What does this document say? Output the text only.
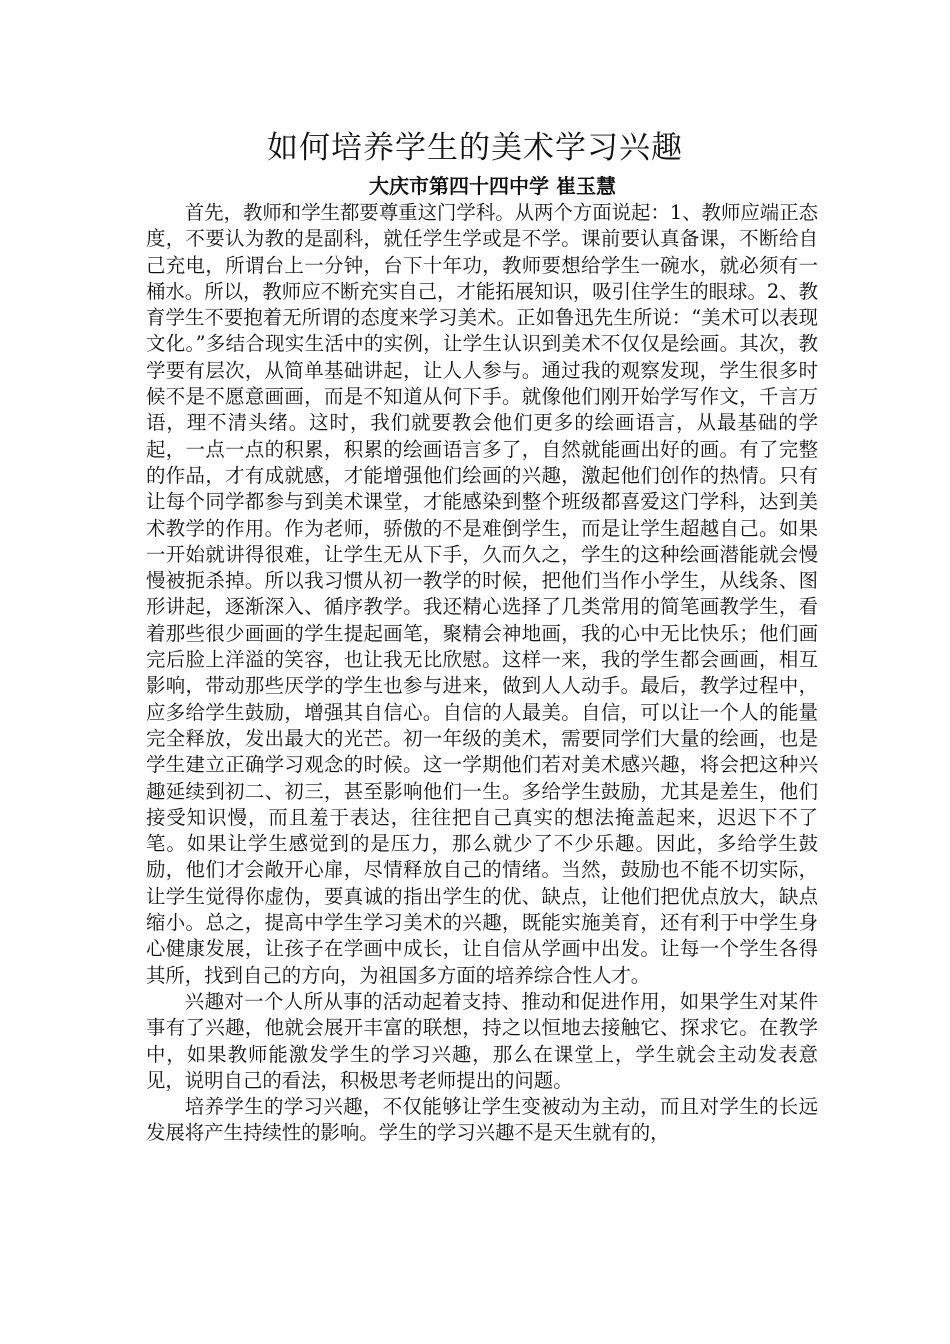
如何培养学生的美术学习兴趣
大庆市第四十四中学 崔玉慧

首先，教师和学生都要尊重这门学科。从两个方面说起：1、教师应端正态度，不要认为教的是副科，就任学生学或是不学。课前要认真备课，不断给自己充电，所谓台上一分钟，台下十年功，教师要想给学生一碗水，就必须有一桶水。所以，教师应不断充实自己，才能拓展知识，吸引住学生的眼球。2、教育学生不要抱着无所谓的态度来学习美术。正如鲁迅先生所说：“美术可以表现文化。”多结合现实生活中的实例，让学生认识到美术不仅仅是绘画。其次，教学要有层次，从简单基础讲起，让人人参与。通过我的观察发现，学生很多时候不是不愿意画画，而是不知道从何下手。就像他们刚开始学写作文，千言万语，理不清头绪。这时，我们就要教会他们更多的绘画语言，从最基础的学起，一点一点的积累，积累的绘画语言多了，自然就能画出好的画。有了完整的作品，才有成就感，才能增强他们绘画的兴趣，激起他们创作的热情。只有让每个同学都参与到美术课堂，才能感染到整个班级都喜爱这门学科，达到美术教学的作用。作为老师，骄傲的不是难倒学生，而是让学生超越自己。如果一开始就讲得很难，让学生无从下手，久而久之，学生的这种绘画潜能就会慢慢被扼杀掉。所以我习惯从初一教学的时候，把他们当作小学生，从线条、图形讲起，逐渐深入、循序教学。我还精心选择了几类常用的简笔画教学生，看着那些很少画画的学生提起画笔，聚精会神地画，我的心中无比快乐；他们画完后脸上洋溢的笑容，也让我无比欣慰。这样一来，我的学生都会画画，相互影响，带动那些厌学的学生也参与进来，做到人人动手。最后，教学过程中，应多给学生鼓励，增强其自信心。自信的人最美。自信，可以让一个人的能量完全释放，发出最大的光芒。初一年级的美术，需要同学们大量的绘画，也是学生建立正确学习观念的时候。这一学期他们若对美术感兴趣，将会把这种兴趣延续到初二、初三，甚至影响他们一生。多给学生鼓励，尤其是差生，他们接受知识慢，而且羞于表达，往往把自己真实的想法掩盖起来，迟迟下不了笔。如果让学生感觉到的是压力，那么就少了不少乐趣。因此，多给学生鼓励，他们才会敞开心扉，尽情释放自己的情绪。当然，鼓励也不能不切实际，让学生觉得你虚伪，要真诚的指出学生的优、缺点，让他们把优点放大，缺点缩小。总之，提高中学生学习美术的兴趣，既能实施美育，还有利于中学生身心健康发展，让孩子在学画中成长，让自信从学画中出发。让每一个学生各得其所，找到自己的方向，为祖国多方面的培养综合性人才。

兴趣对一个人所从事的活动起着支持、推动和促进作用，如果学生对某件事有了兴趣，他就会展开丰富的联想，持之以恒地去接触它、探求它。在教学中，如果教师能激发学生的学习兴趣，那么在课堂上，学生就会主动发表意见，说明自己的看法，积极思考老师提出的问题。

培养学生的学习兴趣，不仅能够让学生变被动为主动，而且对学生的长远发展将产生持续性的影响。学生的学习兴趣不是天生就有的，
